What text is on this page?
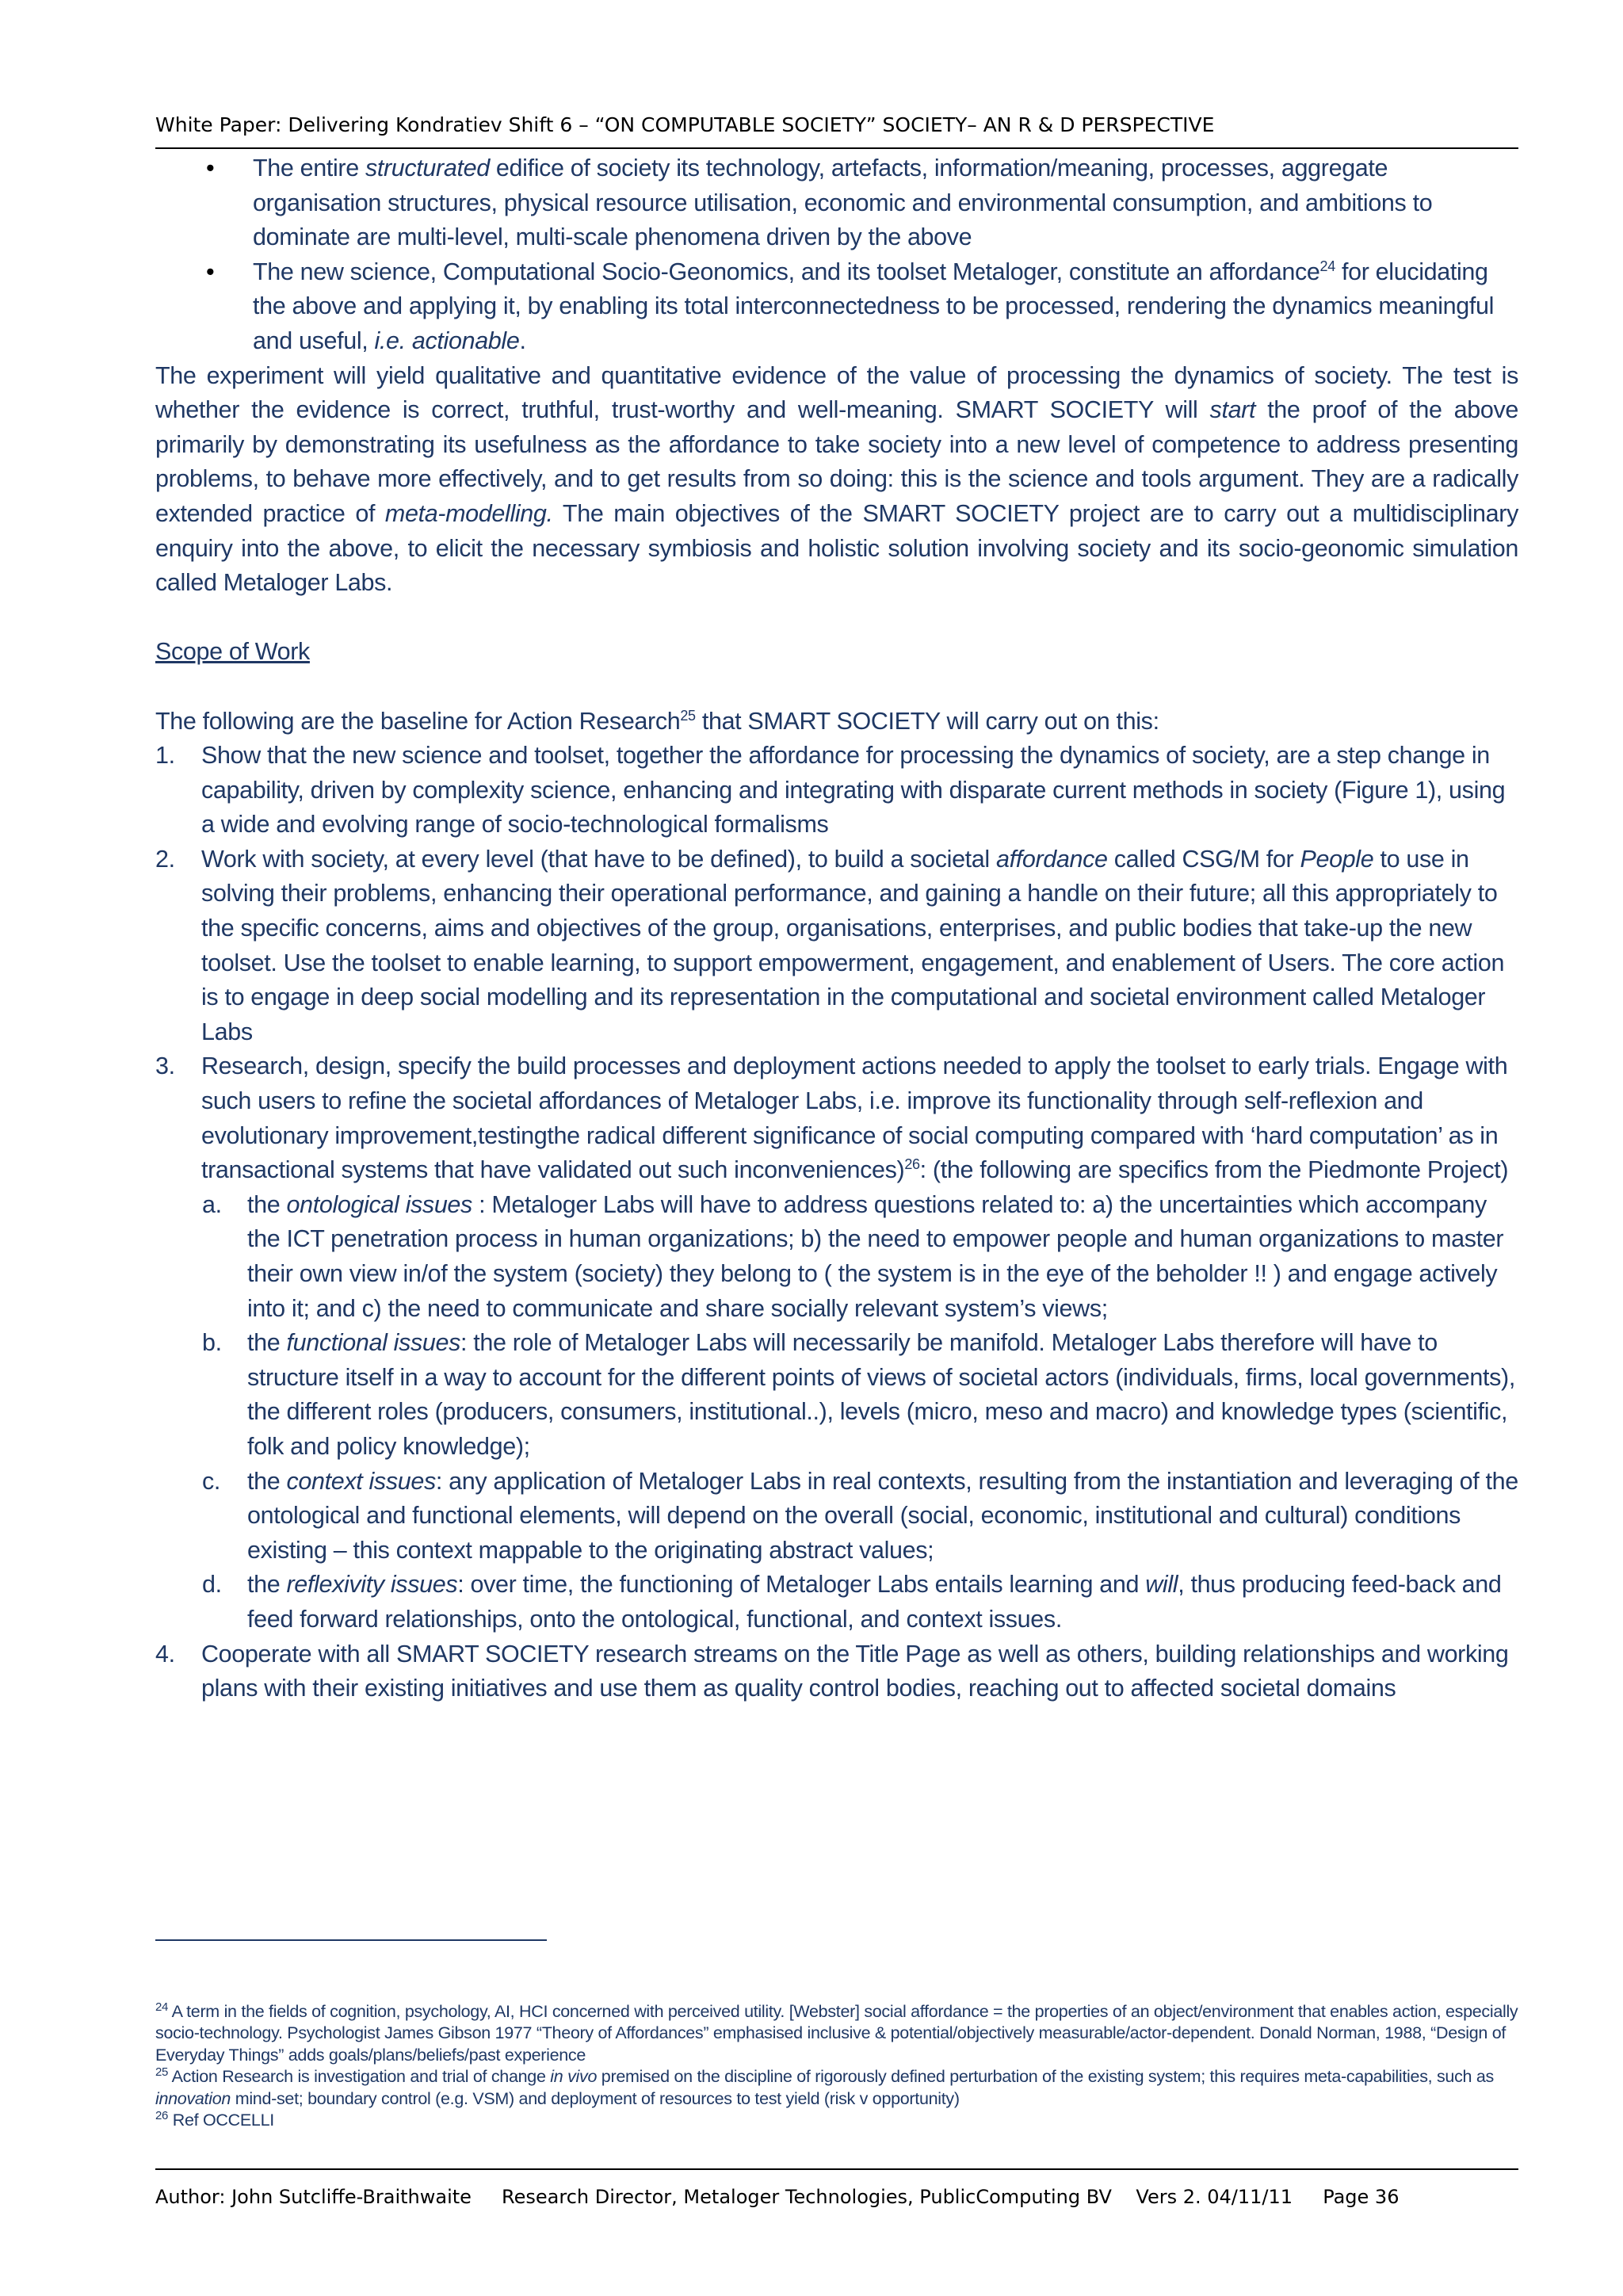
White Paper: Delivering Kondratiev Shift 6 – “ON COMPUTABLE SOCIETY” SOCIETY– AN R & D PERSPECTIVE
• The entire structurated edifice of society its technology, artefacts, information/meaning, processes, aggregate organisation structures, physical resource utilisation, economic and environmental consumption, and ambitions to dominate are multi-level, multi-scale phenomena driven by the above
• The new science, Computational Socio-Geonomics, and its toolset Metaloger, constitute an affordance$^{24}$ for elucidating the above and applying it, by enabling its total interconnectedness to be processed, rendering the dynamics meaningful and useful, i.e. actionable.

The experiment will yield qualitative and quantitative evidence of the value of processing the dynamics of society. The test is whether the evidence is correct, truthful, trust-worthy and well-meaning. SMART SOCIETY will start the proof of the above primarily by demonstrating its usefulness as the affordance to take society into a new level of competence to address presenting problems, to behave more effectively, and to get results from so doing: this is the science and tools argument. They are a radically extended practice of meta-modelling. The main objectives of the SMART SOCIETY project are to carry out a multidisciplinary enquiry into the above, to elicit the necessary symbiosis and holistic solution involving society and its socio-geonomic simulation called Metaloger Labs.

Scope of Work

The following are the baseline for Action Research$^{25}$ that SMART SOCIETY will carry out on this:

1. Show that the new science and toolset, together the affordance for processing the dynamics of society, are a step change in capability, driven by complexity science, enhancing and integrating with disparate current methods in society (Figure 1), using a wide and evolving range of socio-technological formalisms
2. Work with society, at every level (that have to be defined), to build a societal affordance called CSG/M for People to use in solving their problems, enhancing their operational performance, and gaining a handle on their future; all this appropriately to the specific concerns, aims and objectives of the group, organisations, enterprises, and public bodies that take-up the new toolset. Use the toolset to enable learning, to support empowerment, engagement, and enablement of Users. The core action is to engage in deep social modelling and its representation in the computational and societal environment called Metaloger Labs
3. Research, design, specify the build processes and deployment actions needed to apply the toolset to early trials. Engage with such users to refine the societal affordances of Metaloger Labs, i.e. improve its functionality through self-reflexion and evolutionary improvement,testingthe radical different significance of social computing compared with ‘hard computation’ as in transactional systems that have validated out such inconveniences)$^{26}$: (the following are specifics from the Piedmonte Project)
a. the ontological issues : Metaloger Labs will have to address questions related to: a) the uncertainties which accompany the ICT penetration process in human organizations; b) the need to empower people and human organizations to master their own view in/of the system (society) they belong to ( the system is in the eye of the beholder !! ) and engage actively into it; and c) the need to communicate and share socially relevant system’s views;
b. the functional issues: the role of Metaloger Labs will necessarily be manifold. Metaloger Labs therefore will have to structure itself in a way to account for the different points of views of societal actors (individuals, firms, local governments), the different roles (producers, consumers, institutional..), levels (micro, meso and macro) and knowledge types (scientific, folk and policy knowledge);
c. the context issues: any application of Metaloger Labs in real contexts, resulting from the instantiation and leveraging of the ontological and functional elements, will depend on the overall (social, economic, institutional and cultural) conditions existing – this context mappable to the originating abstract values;
d. the reflexivity issues: over time, the functioning of Metaloger Labs entails learning and will, thus producing feed-back and feed forward relationships, onto the ontological, functional, and context issues.
4. Cooperate with all SMART SOCIETY research streams on the Title Page as well as others, building relationships and working plans with their existing initiatives and use them as quality control bodies, reaching out to affected societal domains

$^{24}$ A term in the fields of cognition, psychology, AI, HCI concerned with perceived utility. [Webster] social affordance = the properties of an object/environment that enables action, especially socio-technology. Psychologist James Gibson 1977 “Theory of Affordances” emphasised inclusive & potential/objectively measurable/actor-dependent. Donald Norman, 1988, “Design of Everyday Things” adds goals/plans/beliefs/past experience

$^{25}$ Action Research is investigation and trial of change in vivo premised on the discipline of rigorously defined perturbation of the existing system; this requires meta-capabilities, such as innovation mind-set; boundary control (e.g. VSM) and deployment of resources to test yield (risk v opportunity)

$^{26}$ Ref OCCELLI

Author: John Sutcliffe-Braithwaite     Research Director, Metaloger Technologies, PublicComputing BV    Vers 2. 04/11/11     Page 36
